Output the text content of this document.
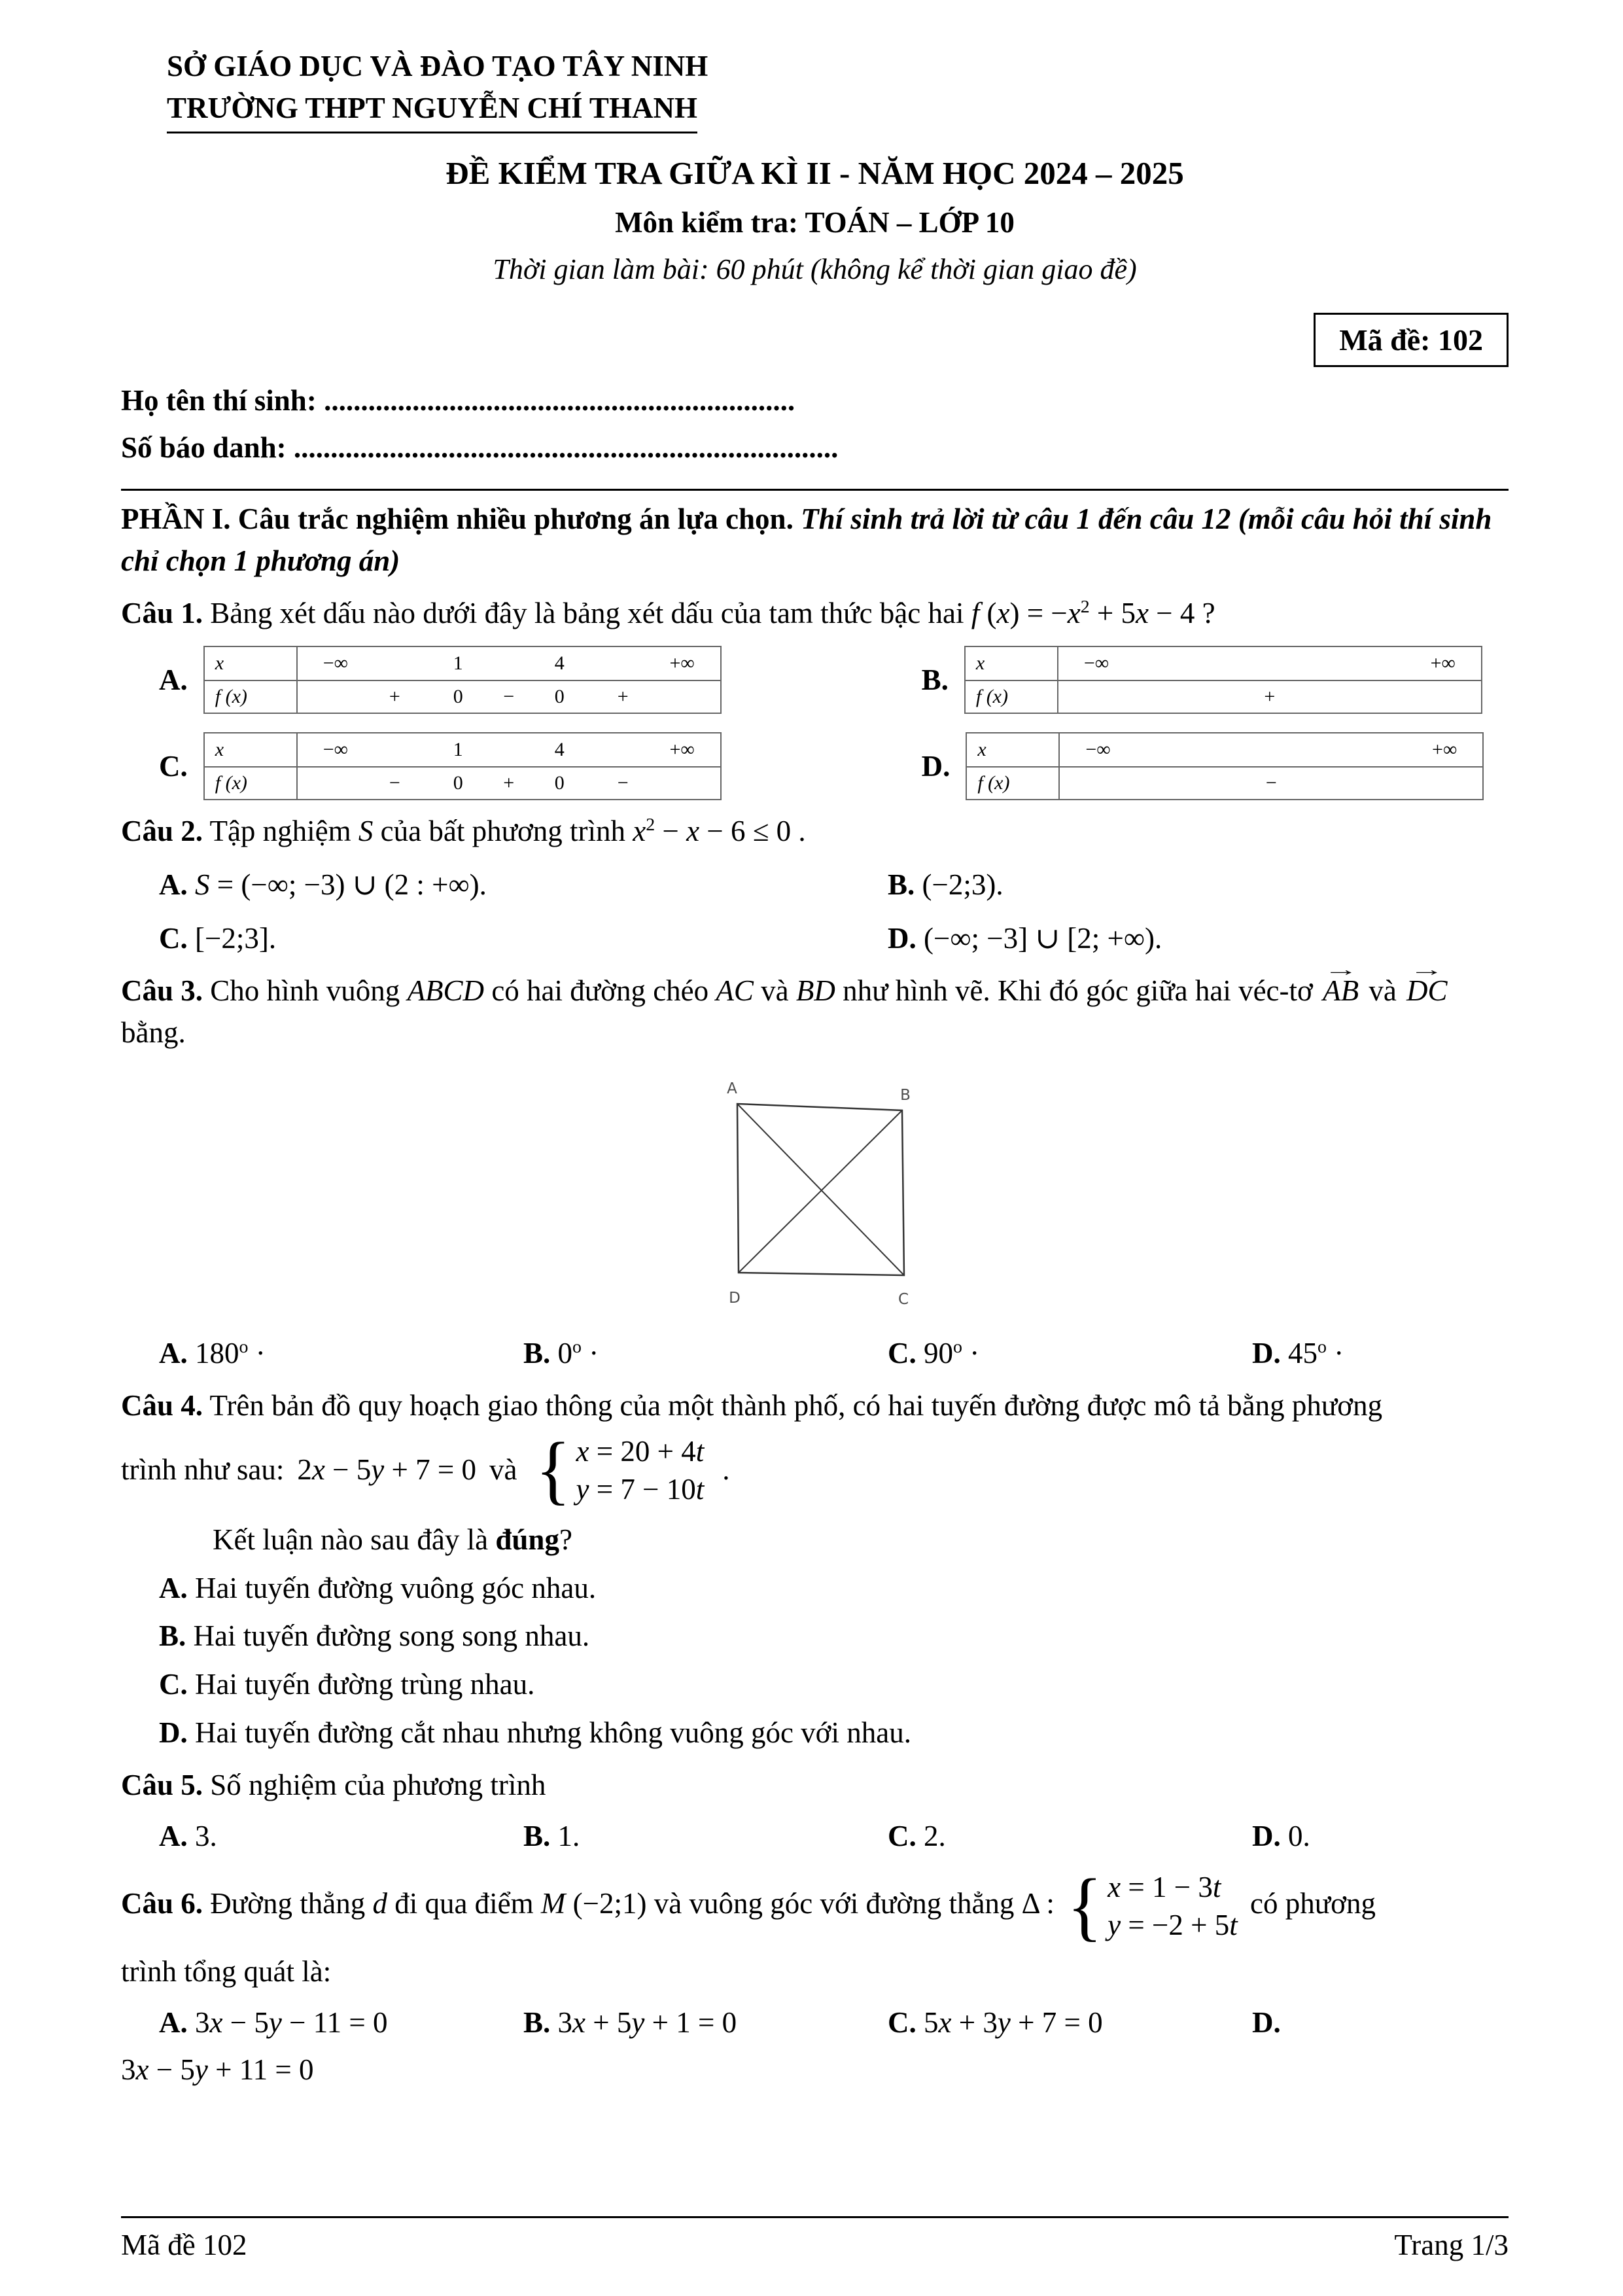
SỞ GIÁO DỤC VÀ ĐÀO TẠO TÂY NINH
TRƯỜNG THPT NGUYỄN CHÍ THANH
ĐỀ KIỂM TRA GIỮA KÌ II - NĂM HỌC 2024 – 2025
Môn kiểm tra: TOÁN – LỚP 10
Thời gian làm bài: 60 phút (không kể thời gian giao đề)
Mã đề: 102
Họ tên thí sinh: ................................................................
Số báo danh: ..........................................................................

PHẦN I. Câu trắc nghiệm nhiều phương án lựa chọn. Thí sinh trả lời từ câu 1 đến câu 12 (mỗi câu hỏi thí sinh chỉ chọn 1 phương án)

Câu 1. Bảng xét dấu nào dưới đây là bảng xét dấu của tam thức bậc hai f $(x) = -x^2 + 5x - 4$ ?

A.	x	−∞	1	4	+∞
f (x)	+	0 − 0	+
B.	x	−∞	+∞
f (x)	+
C.	x	−∞	1	4	+∞
f (x)	−	0 + 0	−
D.	x	−∞	+∞
f (x)	−

Câu 2. Tập nghiệm S của bất phương trình $x^2 - x - 6 \le 0$ .

A. S = (−∞; −3) ∪ (2 : +∞).	B. (−2;3).
C. [−2;3].	D. (−∞; −3] ∪ [2; +∞).

Câu 3. Cho hình vuông ABCD có hai đường chéo AC và BD như hình vẽ. Khi đó góc giữa hai véc-tơ AB → và DC → bằng.

A	B
D	C
A. $180^o$ ·	B. $0^o$ ·	C. $90^o$ ·	D. $45^o$ ·

Câu 4. Trên bản đồ quy hoạch giao thông của một thành phố, có hai tuyến đường được mô tả bằng phương

trình như sau: 2x − 5y + 7 = 0 và
{ x = 20 + 4t
y = 7 − 10t
.

Kết luận nào sau đây là đúng?

A. Hai tuyến đường vuông góc nhau.
B. Hai tuyến đường song song nhau.
C. Hai tuyến đường trùng nhau.
D. Hai tuyến đường cắt nhau nhưng không vuông góc với nhau.

Câu 5. Số nghiệm của phương trình

A. 3.	B. 1.	C. 2.	D. 0.

Câu 6. Đường thẳng d đi qua điểm M (−2;1) và vuông góc với đường thẳng Δ : { x = 1 − 3t
y = −2 + 5t
có phương

trình tổng quát là:

A. 3x − 5y − 11 = 0	B. 3x + 5y + 1 = 0	C. 5x + 3y + 7 = 0	D.

3x − 5y + 11 = 0

Mã đề 102	Trang 1/3
